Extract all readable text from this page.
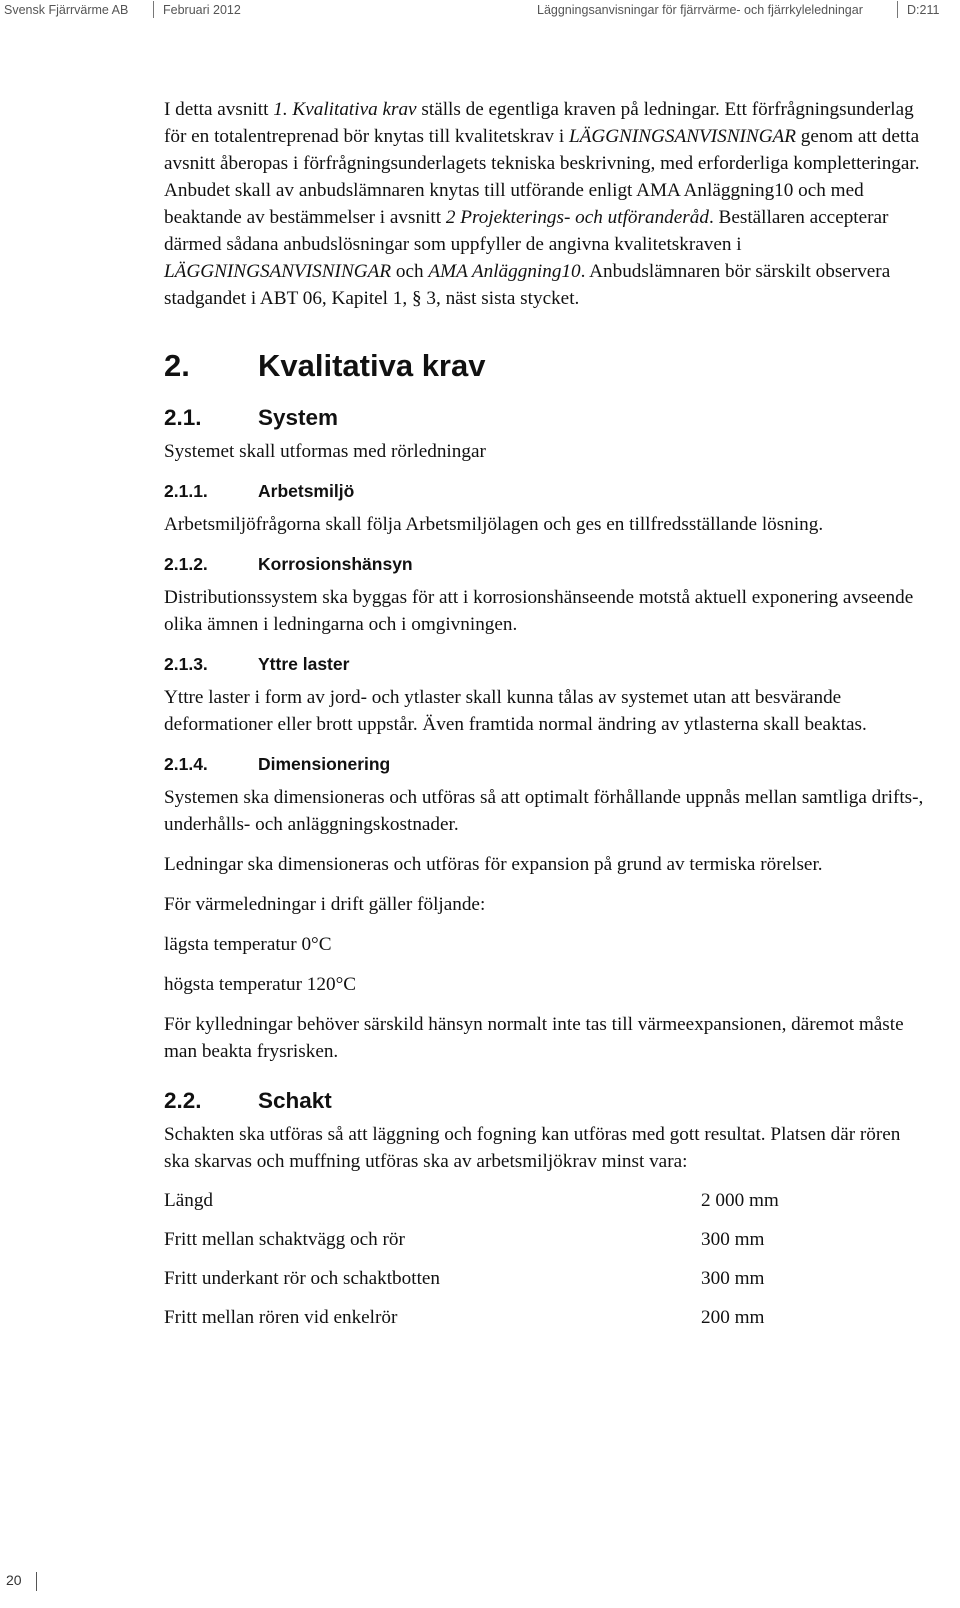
Svensk Fjärrvärme AB	Februari 2012	Läggningsanvisningar för fjärrvärme- och fjärrkyleledningar	D:211

I detta avsnitt 1. Kvalitativa krav ställs de egentliga kraven på ledningar. Ett förfrågningsunderlag för en totalentreprenad bör knytas till kvalitetskrav i LÄGGNINGSANVISNINGAR genom att detta avsnitt åberopas i förfrågningsunderlagets tekniska beskrivning, med erforderliga kompletteringar. Anbudet skall av anbudslämnaren knytas till utförande enligt AMA Anläggning10 och med beaktande av bestämmelser i avsnitt 2 Projekterings- och utföranderåd. Beställaren accepterar därmed sådana anbudslösningar som uppfyller de angivna kvalitetskraven i LÄGGNINGSANVISNINGAR och AMA Anläggning10. Anbudslämnaren bör särskilt observera stadgandet i ABT 06, Kapitel 1, § 3, näst sista stycket.

2. Kvalitativa krav
2.1.	System

Systemet skall utformas med rörledningar

2.1.1.	Arbetsmiljö

Arbetsmiljöfrågorna skall följa Arbetsmiljölagen och ges en tillfredsställande lösning.

2.1.2.	Korrosionshänsyn

Distributionssystem ska byggas för att i korrosionshänseende motstå aktuell exponering avseende olika ämnen i ledningarna och i omgivningen.

2.1.3.	Yttre laster

Yttre laster i form av jord- och ytlaster skall kunna tålas av systemet utan att besvärande deformationer eller brott uppstår. Även framtida normal ändring av ytlasterna skall beaktas.

2.1.4.	Dimensionering

Systemen ska dimensioneras och utföras så att optimalt förhållande uppnås mellan samtliga drifts-, underhålls- och anläggningskostnader.

Ledningar ska dimensioneras och utföras för expansion på grund av termiska rörelser.

För värmeledningar i drift gäller följande:

lägsta temperatur 0°C

högsta temperatur 120°C

För kylledningar behöver särskild hänsyn normalt inte tas till värmeexpansionen, däremot måste man beakta frysrisken.

2.2.	Schakt

Schakten ska utföras så att läggning och fogning kan utföras med gott resultat. Platsen där rören ska skarvas och muffning utföras ska av arbetsmiljökrav minst vara:

Längd	2 000 mm
Fritt mellan schaktvägg och rör	300 mm
Fritt underkant rör och schaktbotten	300 mm
Fritt mellan rören vid enkelrör	200 mm
20
